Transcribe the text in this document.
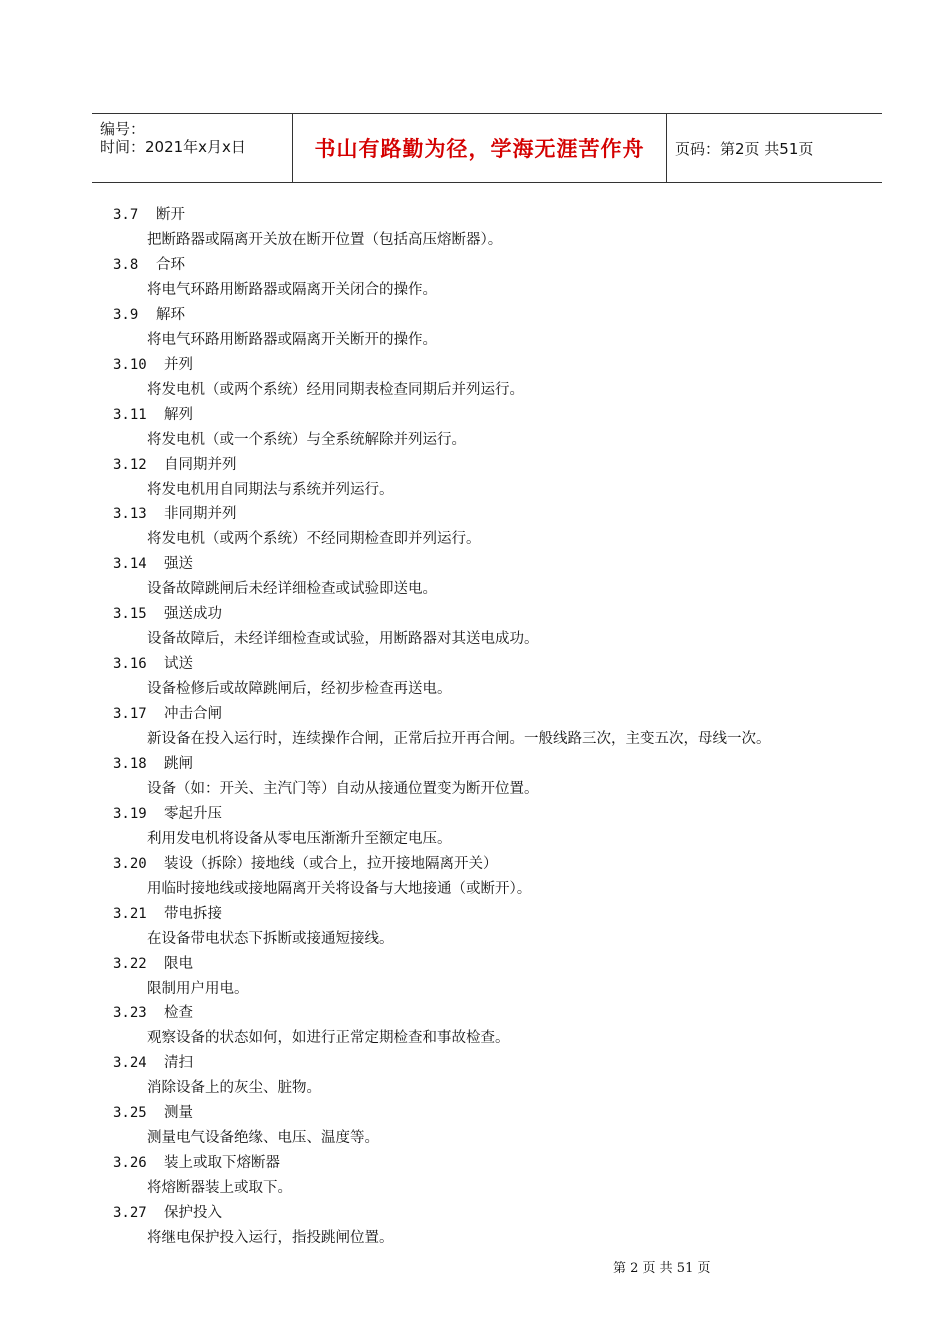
编号：
时间：2021年x月x日	书山有路勤为径，学海无涯苦作舟 页码：第2页 共51页
3.7 断开
把断路器或隔离开关放在断开位置（包括高压熔断器）。
3.8 合环
将电气环路用断路器或隔离开关闭合的操作。
3.9 解环
将电气环路用断路器或隔离开关断开的操作。
3.10 并列
将发电机（或两个系统）经用同期表检查同期后并列运行。
3.11 解列
将发电机（或一个系统）与全系统解除并列运行。
3.12 自同期并列
将发电机用自同期法与系统并列运行。
3.13 非同期并列
将发电机（或两个系统）不经同期检查即并列运行。
3.14 强送
设备故障跳闸后未经详细检查或试验即送电。
3.15 强送成功
设备故障后，未经详细检查或试验，用断路器对其送电成功。
3.16 试送
设备检修后或故障跳闸后，经初步检查再送电。
3.17 冲击合闸
新设备在投入运行时，连续操作合闸，正常后拉开再合闸。一般线路三次，主变五次，母线一次。
3.18 跳闸
设备（如：开关、主汽门等）自动从接通位置变为断开位置。
3.19 零起升压
利用发电机将设备从零电压渐渐升至额定电压。
3.20 装设（拆除）接地线（或合上，拉开接地隔离开关）
用临时接地线或接地隔离开关将设备与大地接通（或断开）。
3.21 带电拆接
在设备带电状态下拆断或接通短接线。
3.22 限电
限制用户用电。
3.23 检查
观察设备的状态如何，如进行正常定期检查和事故检查。
3.24 清扫
消除设备上的灰尘、脏物。
3.25 测量
测量电气设备绝缘、电压、温度等。
3.26 装上或取下熔断器
将熔断器装上或取下。
3.27 保护投入
将继电保护投入运行，指投跳闸位置。
第 2 页 共 51 页
